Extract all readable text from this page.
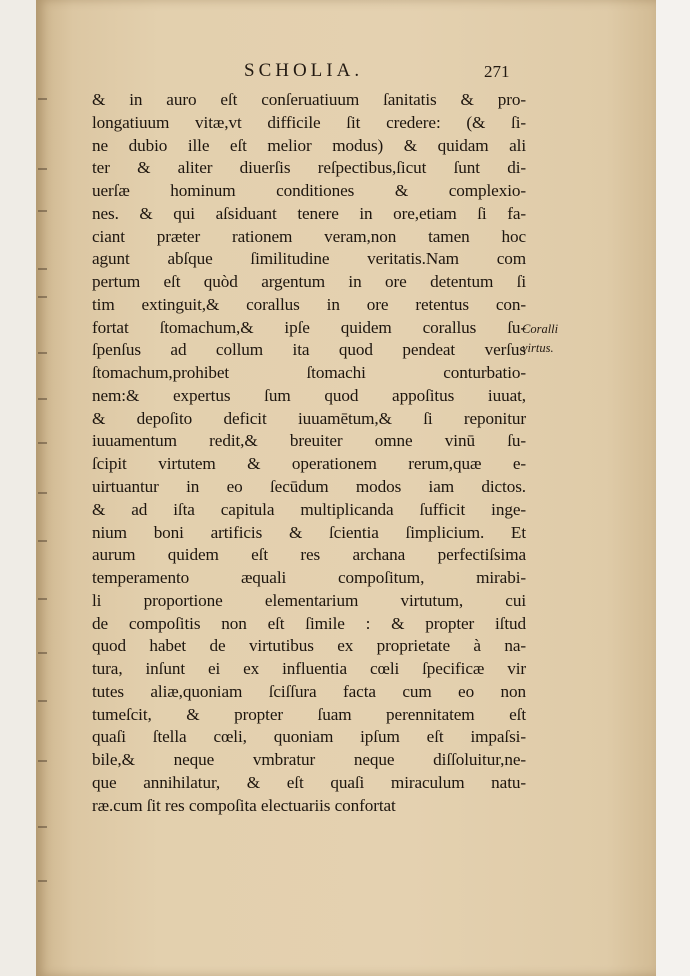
SCHOLIA.	271
& in auro eſt conſeruatiuum ſanitatis & pro-
longatiuum vitæ,vt difficile ſit credere: (& ſi-
ne dubio ille eſt melior modus) & quidam ali
ter & aliter diuerſis reſpectibus,ſicut ſunt di-
uerſæ hominum conditiones & complexio-
nes. & qui aſsiduant tenere in ore,etiam ſi fa-
ciant præter rationem veram,non tamen hoc
agunt abſque ſimilitudine veritatis.Nam com
pertum eſt quòd argentum in ore detentum ſi
tim extinguit,& corallus in ore retentus con-
fortat ſtomachum,& ipſe quidem corallus ſu-
ſpenſus ad collum ita quod pendeat verſus
ſtomachum,prohibet ſtomachi conturbatio-
nem:& expertus ſum quod appoſitus iuuat,
& depoſito deficit iuuamētum,& ſi reponitur
iuuamentum redit,& breuiter omne vinū ſu-
ſcipit virtutem & operationem rerum,quæ e-
uirtuantur in eo ſecūdum modos iam dictos.
& ad iſta capitula multiplicanda ſufficit inge-
nium boni artificis & ſcientia ſimplicium. Et
aurum quidem eſt res archana perfectiſsima
temperamento æquali compoſitum, mirabi-
li proportione elementarium virtutum, cui
de compoſitis non eſt ſimile : & propter iſtud
quod habet de virtutibus ex proprietate à na-
tura, inſunt ei ex influentia cœli ſpecificæ vir
tutes aliæ,quoniam ſciſſura facta cum eo non
tumeſcit, & propter ſuam perennitatem eſt
quaſi ſtella cœli, quoniam ipſum eſt impaſsi-
bile,& neque vmbratur neque diſſoluitur,ne-
que annihilatur, & eſt quaſi miraculum natu-
ræ.cum ſit res compoſita electuariis confortat
Coralli
virtus.
